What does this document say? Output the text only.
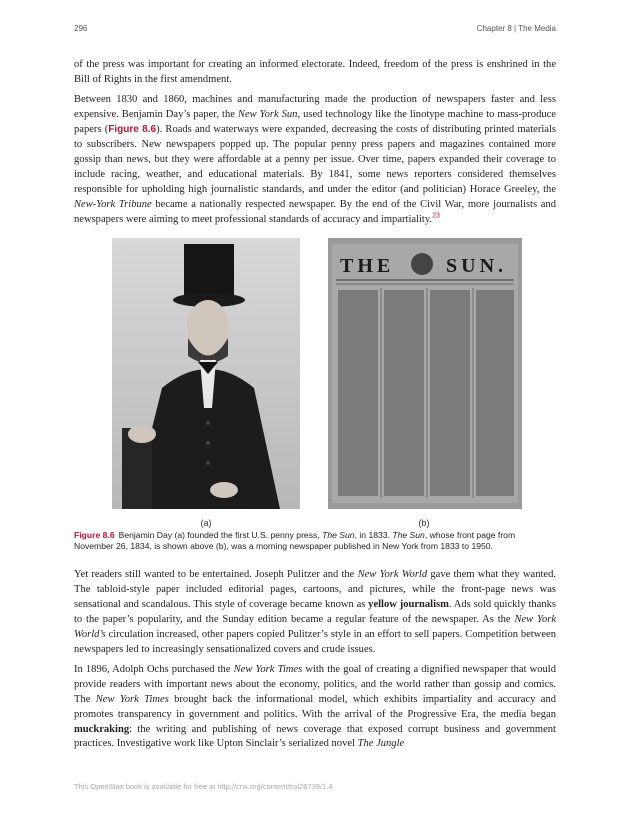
296	Chapter 8 | The Media

of the press was important for creating an informed electorate. Indeed, freedom of the press is enshrined in the Bill of Rights in the first amendment.

Between 1830 and 1860, machines and manufacturing made the production of newspapers faster and less expensive. Benjamin Day’s paper, the New York Sun, used technology like the linotype machine to mass-produce papers (Figure 8.6). Roads and waterways were expanded, decreasing the costs of distributing printed materials to subscribers. New newspapers popped up. The popular penny press papers and magazines contained more gossip than news, but they were affordable at a penny per issue. Over time, papers expanded their coverage to include racing, weather, and educational materials. By 1841, some news reporters considered themselves responsible for upholding high journalistic standards, and under the editor (and politician) Horace Greeley, the New-York Tribune became a nationally respected newspaper. By the end of the Civil War, more journalists and newspapers were aiming to meet professional standards of accuracy and impartiality.$^{23}$

THE	SUN.
(a)	(b)
Figure 8.6 Benjamin Day (a) founded the first U.S. penny press, The Sun, in 1833. The Sun, whose front page from November 26, 1834, is shown above (b), was a morning newspaper published in New York from 1833 to 1950.

Yet readers still wanted to be entertained. Joseph Pulitzer and the New York World gave them what they wanted. The tabloid-style paper included editorial pages, cartoons, and pictures, while the front-page news was sensational and scandalous. This style of coverage became known as yellow journalism. Ads sold quickly thanks to the paper’s popularity, and the Sunday edition became a regular feature of the newspaper. As the New York World’s circulation increased, other papers copied Pulitzer’s style in an effort to sell papers. Competition between newspapers led to increasingly sensationalized covers and crude issues.

In 1896, Adolph Ochs purchased the New York Times with the goal of creating a dignified newspaper that would provide readers with important news about the economy, politics, and the world rather than gossip and comics. The New York Times brought back the informational model, which exhibits impartiality and accuracy and promotes transparency in government and politics. With the arrival of the Progressive Era, the media began muckraking: the writing and publishing of news coverage that exposed corrupt business and government practices. Investigative work like Upton Sinclair’s serialized novel The Jungle

This OpenStax book is available for free at http://cnx.org/content/col26739/1.4
